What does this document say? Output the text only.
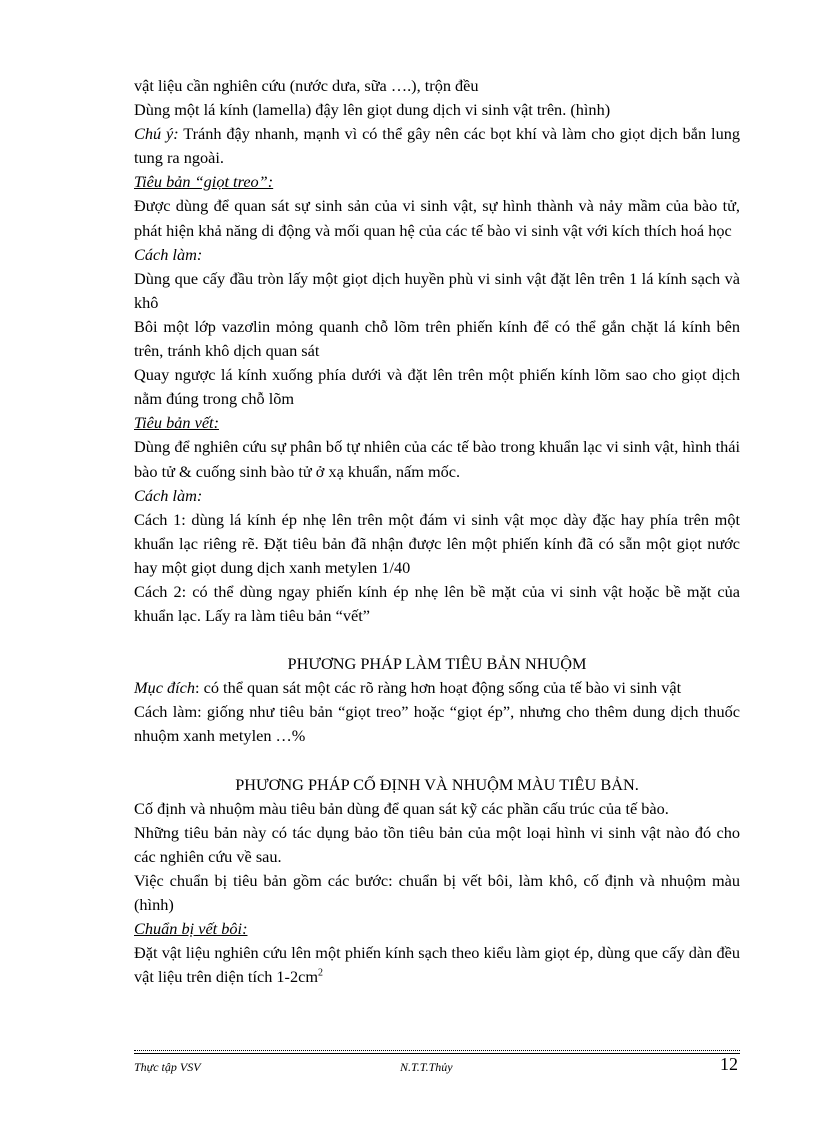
vật liệu cần nghiên cứu (nước dưa, sữa ….), trộn đều

Dùng một lá kính (lamella) đậy lên giọt dung dịch vi sinh vật trên. (hình)

Chú ý: Tránh đậy nhanh, mạnh vì có thể gây nên các bọt khí và làm cho giọt dịch bắn lung tung ra ngoài.

Tiêu bản “giọt treo”:

Được dùng để quan sát sự sinh sản của vi sinh vật, sự hình thành và nảy mầm của bào tử, phát hiện khả năng di động và mối quan hệ của các tế bào vi sinh vật với kích thích hoá học

Cách làm:

Dùng que cấy đầu tròn lấy một giọt dịch huyền phù vi sinh vật đặt lên trên 1 lá kính sạch và khô

Bôi một lớp vazơlin mỏng quanh chỗ lõm trên phiến kính để có thể gắn chặt lá kính bên trên, tránh khô dịch quan sát

Quay ngược lá kính xuống phía dưới và đặt lên trên một phiến kính lõm sao cho giọt dịch nằm đúng trong chỗ lõm

Tiêu bản vết:

Dùng để nghiên cứu sự phân bố tự nhiên của các tế bào trong khuẩn lạc vi sinh vật, hình thái bào tử & cuống sinh bào tử ở xạ khuẩn, nấm mốc.

Cách làm:

Cách 1: dùng lá kính ép nhẹ lên trên một đám vi sinh vật mọc dày đặc hay phía trên một khuẩn lạc riêng rẽ. Đặt tiêu bản đã nhận được lên một phiến kính đã có sẵn một giọt nước hay một giọt dung dịch xanh metylen 1/40

Cách 2: có thể dùng ngay phiến kính ép nhẹ lên bề mặt của vi sinh vật hoặc bề mặt của khuẩn lạc. Lấy ra làm tiêu bản “vết”

PHƯƠNG PHÁP LÀM TIÊU BẢN NHUỘM

Mục đích: có thể quan sát một các rõ ràng hơn hoạt động sống của tế bào vi sinh vật

Cách làm: giống như tiêu bản “giọt treo” hoặc “giọt ép”, nhưng cho thêm dung dịch thuốc nhuộm xanh metylen …%

PHƯƠNG PHÁP CỐ ĐỊNH VÀ NHUỘM MÀU TIÊU BẢN.

Cố định và nhuộm màu tiêu bản dùng để quan sát kỹ các phần cấu trúc của tế bào.

Những tiêu bản này có tác dụng bảo tồn tiêu bản của một loại hình vi sinh vật nào đó cho các nghiên cứu về sau.

Việc chuẩn bị tiêu bản gồm các bước: chuẩn bị vết bôi, làm khô, cố định và nhuộm màu (hình)

Chuẩn bị vết bôi:

Đặt vật liệu nghiên cứu lên một phiến kính sạch theo kiểu làm giọt ép, dùng que cấy dàn đều vật liệu trên diện tích $1-2cm^2$

Thực tập VSV	N.T.T.Thủy	12
